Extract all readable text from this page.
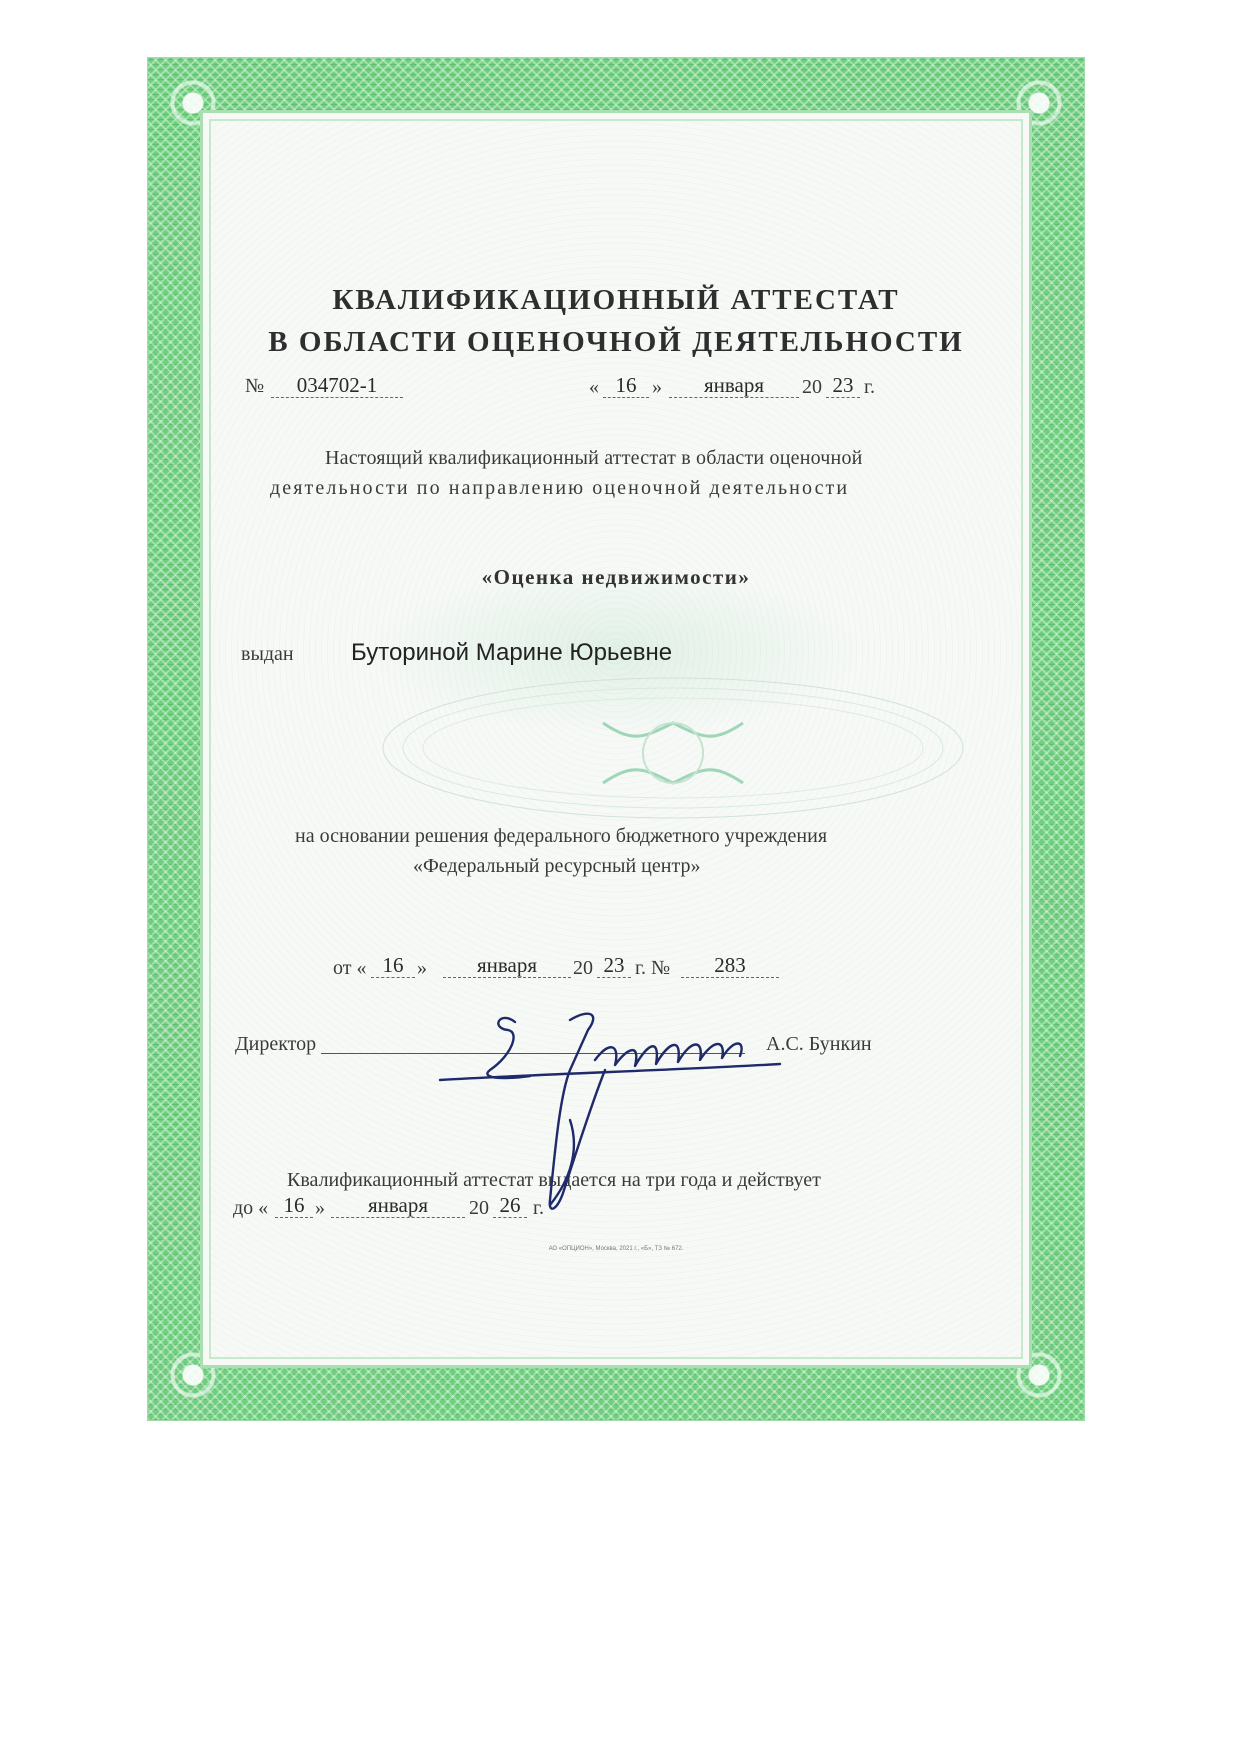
КВАЛИФИКАЦИОННЫЙ АТТЕСТАТ
В ОБЛАСТИ ОЦЕНОЧНОЙ ДЕЯТЕЛЬНОСТИ
№	034702-1	« 16 »	января	20 23 г.
Настоящий квалификационный аттестат в области оценочной
деятельности по направлению оценочной деятельности
«Оценка недвижимости»
выдан Буториной Марине Юрьевне
на основании решения федерального бюджетного учреждения
«Федеральный ресурсный центр»
от « 16 »	января	20 23 г. №	283
Директор	А.С. Бункин
Квалификационный аттестат выдается на три года и действует
до « 16 »	января	20 26 г.
АО «ОПЦИОН», Москва, 2021 г., «Б», ТЗ № 672.
